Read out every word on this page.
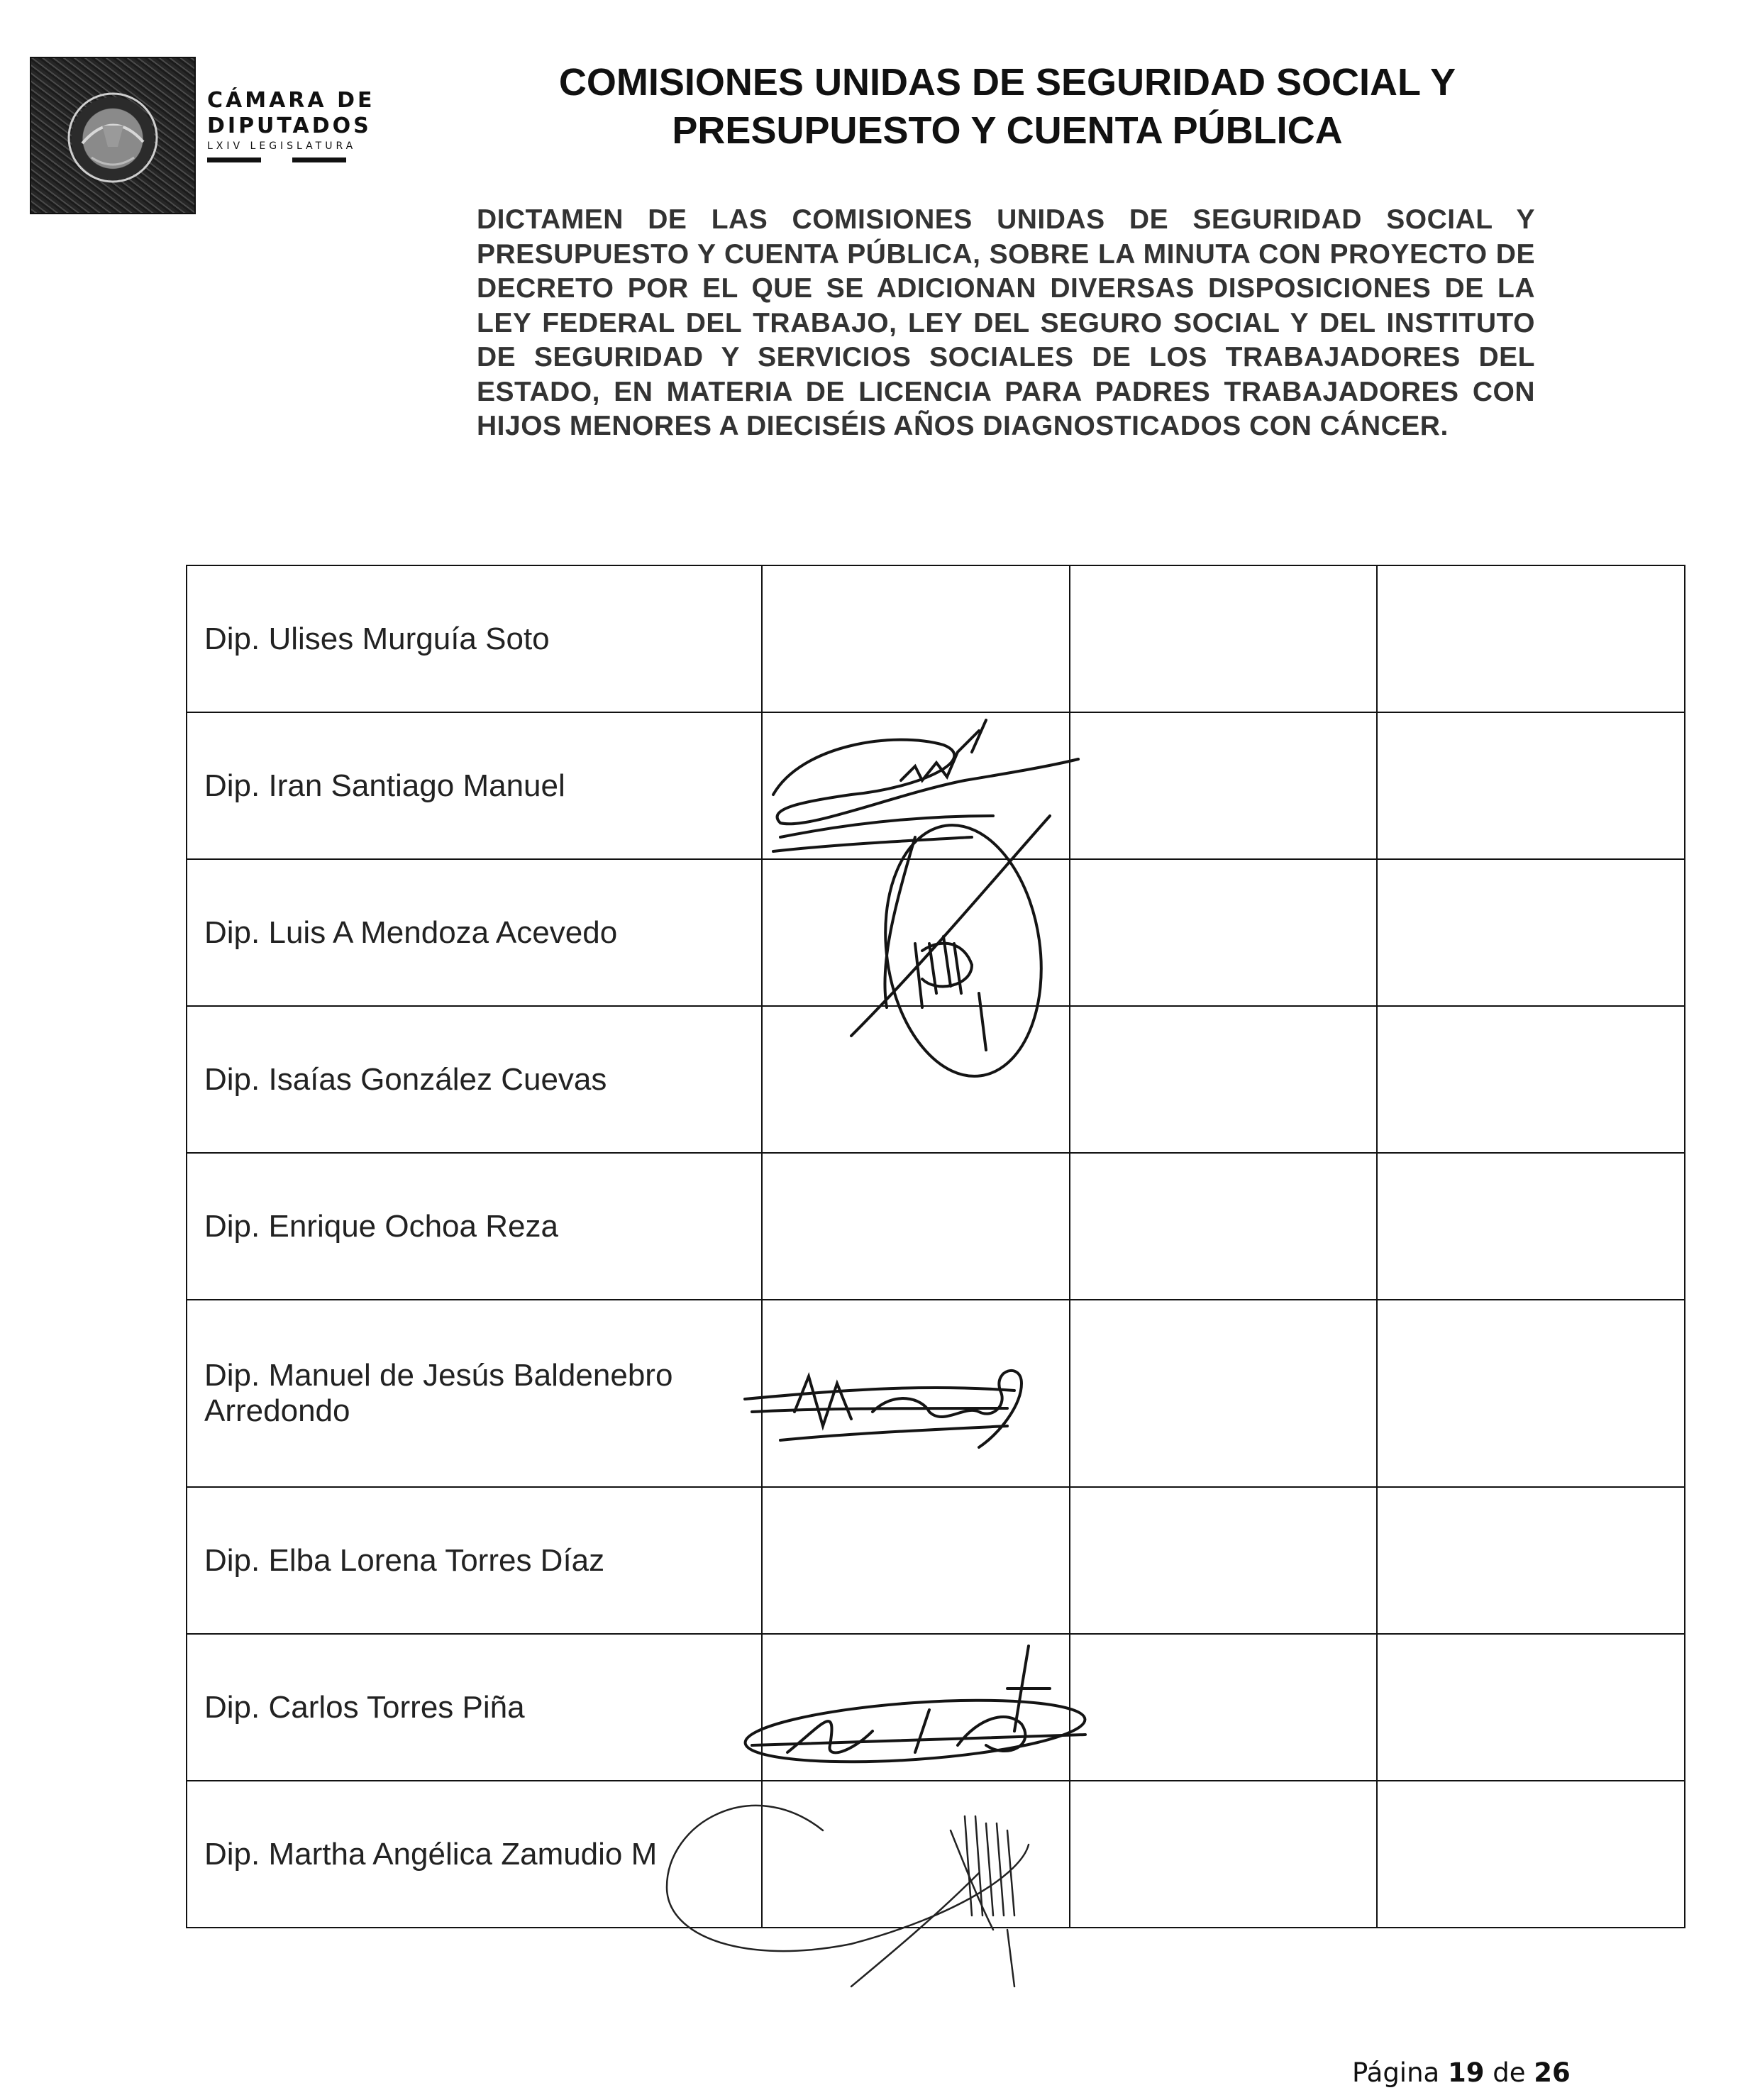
CÁMARA DE
DIPUTADOS
LXIV LEGISLATURA
COMISIONES UNIDAS DE SEGURIDAD SOCIAL Y
PRESUPUESTO Y CUENTA PÚBLICA
DICTAMEN DE LAS COMISIONES UNIDAS DE SEGURIDAD SOCIAL Y PRESUPUESTO Y CUENTA PÚBLICA, SOBRE LA MINUTA CON PROYECTO DE DECRETO POR EL QUE SE ADICIONAN DIVERSAS DISPOSICIONES DE LA LEY FEDERAL DEL TRABAJO, LEY DEL SEGURO SOCIAL Y DEL INSTITUTO DE SEGURIDAD Y SERVICIOS SOCIALES DE LOS TRABAJADORES DEL ESTADO, EN MATERIA DE LICENCIA PARA PADRES TRABAJADORES CON HIJOS MENORES A DIECISÉIS AÑOS DIAGNOSTICADOS CON CÁNCER.
Dip. Ulises Murguía Soto			
Dip. Iran Santiago Manuel			
Dip. Luis A Mendoza Acevedo			
Dip. Isaías González Cuevas			
Dip. Enrique Ochoa Reza			
Dip. Manuel de Jesús Baldenebro Arredondo			
Dip. Elba Lorena Torres Díaz			
Dip. Carlos Torres Piña			
Dip. Martha Angélica Zamudio M			
Página 19 de 26
